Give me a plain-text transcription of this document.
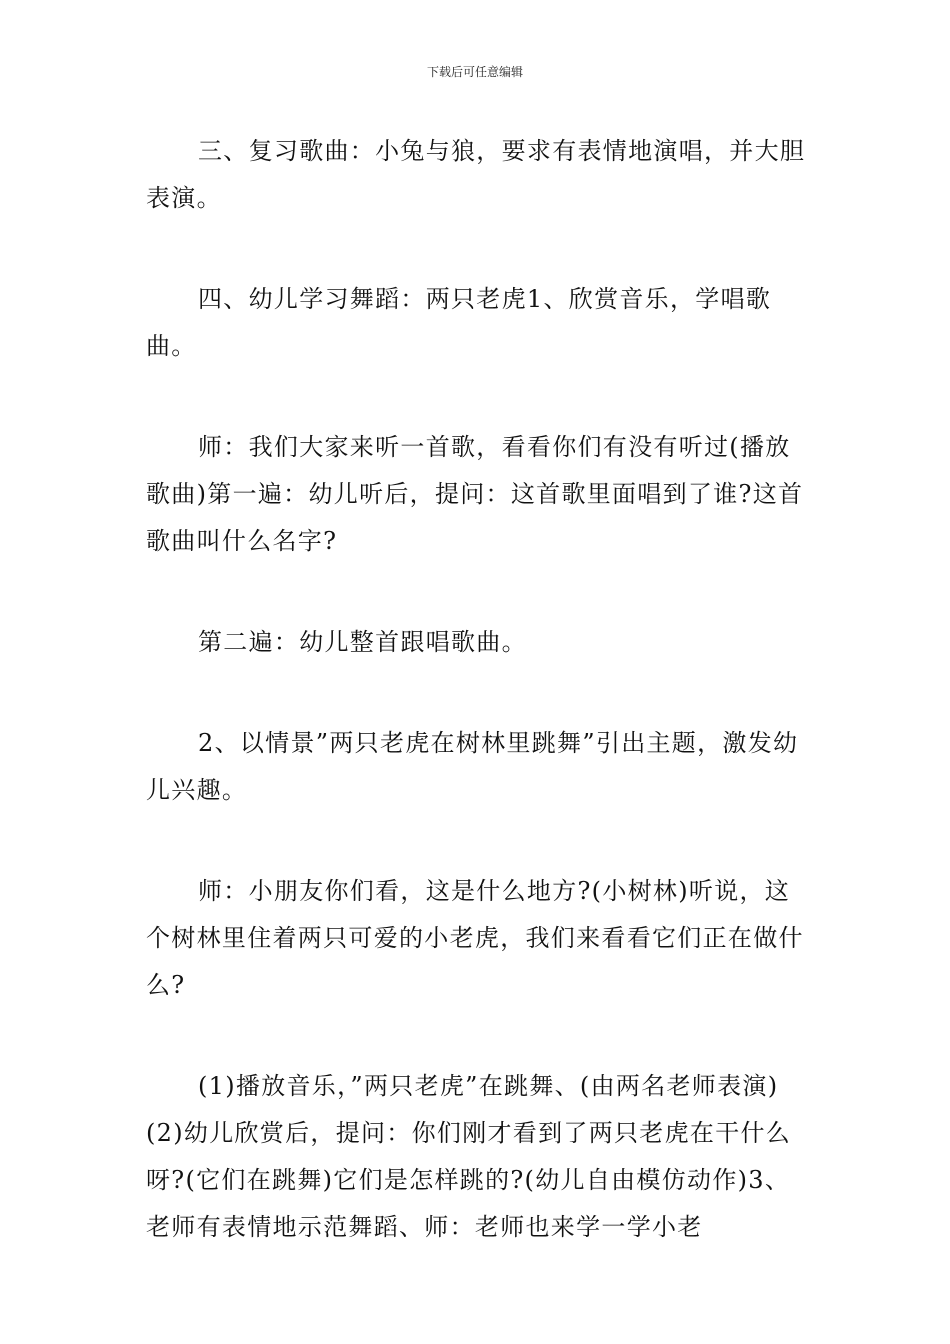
下载后可任意编辑

三、复习歌曲：小兔与狼，要求有表情地演唱，并大胆表演。

四、幼儿学习舞蹈：两只老虎1、欣赏音乐，学唱歌曲。

师：我们大家来听一首歌，看看你们有没有听过(播放歌曲)第一遍：幼儿听后，提问：这首歌里面唱到了谁?这首歌曲叫什么名字?

第二遍：幼儿整首跟唱歌曲。

2、以情景”两只老虎在树林里跳舞”引出主题，激发幼儿兴趣。

师：小朋友你们看，这是什么地方?(小树林)听说，这个树林里住着两只可爱的小老虎，我们来看看它们正在做什么?

(1)播放音乐，”两只老虎”在跳舞、(由两名老师表演)(2)幼儿欣赏后，提问：你们刚才看到了两只老虎在干什么呀?(它们在跳舞)它们是怎样跳的?(幼儿自由模仿动作)3、老师有表情地示范舞蹈、师：老师也来学一学小老
